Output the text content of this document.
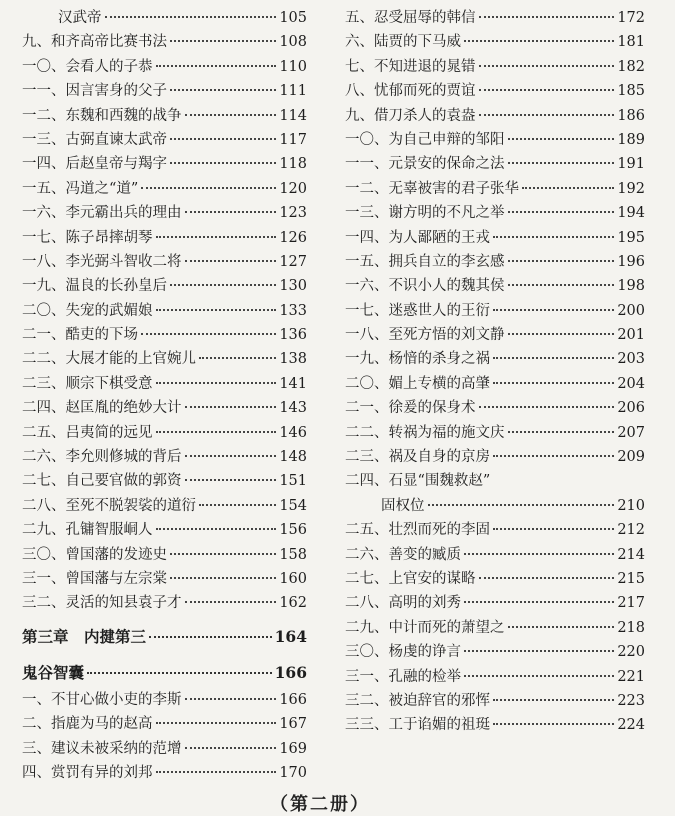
汉武帝	105
九、和齐高帝比赛书法	108
一〇、会看人的子恭	110
一一、因言害身的父子	111
一二、东魏和西魏的战争	114
一三、古弼直谏太武帝	117
一四、后赵皇帝与羯字	118
一五、冯道之“道”	120
一六、李元霸出兵的理由	123
一七、陈子昂摔胡琴	126
一八、李光弼斗智收二将	127
一九、温良的长孙皇后	130
二〇、失宠的武媚娘	133
二一、酷吏的下场	136
二二、大展才能的上官婉儿	138
二三、顺宗下棋受意	141
二四、赵匡胤的绝妙大计	143
二五、吕夷简的远见	146
二六、李允则修城的背后	148
二七、自己要官做的郭资	151
二八、至死不脱袈裟的道衍	154
二九、孔镛智服峒人	156
三〇、曾国藩的发迹史	158
三一、曾国藩与左宗棠	160
三二、灵活的知县袁子才	162
第三章　内揵第三	164
鬼谷智囊	166
一、不甘心做小吏的李斯	166
二、指鹿为马的赵高	167
三、建议未被采纳的范增	169
四、赏罚有异的刘邦	170
五、忍受屈辱的韩信	172
六、陆贾的下马威	181
七、不知进退的晁错	182
八、忧郁而死的贾谊	185
九、借刀杀人的袁盎	186
一〇、为自己申辩的邹阳	189
一一、元景安的保命之法	191
一二、无辜被害的君子张华	192
一三、谢方明的不凡之举	194
一四、为人鄙陋的王戎	195
一五、拥兵自立的李玄感	196
一六、不识小人的魏其侯	198
一七、迷惑世人的王衍	200
一八、至死方悟的刘文静	201
一九、杨愔的杀身之祸	203
二〇、媚上专横的高肇	204
二一、徐爰的保身术	206
二二、转祸为福的施文庆	207
二三、祸及自身的京房	209
二四、石显“围魏救赵”
固权位	210
二五、壮烈而死的李固	212
二六、善变的臧质	214
二七、上官安的谋略	215
二八、高明的刘秀	217
二九、中计而死的萧望之	218
三〇、杨虔的诤言	220
三一、孔融的检举	221
三二、被迫辞官的邪恽	223
三三、工于谄媚的祖珽	224
（第二册）
